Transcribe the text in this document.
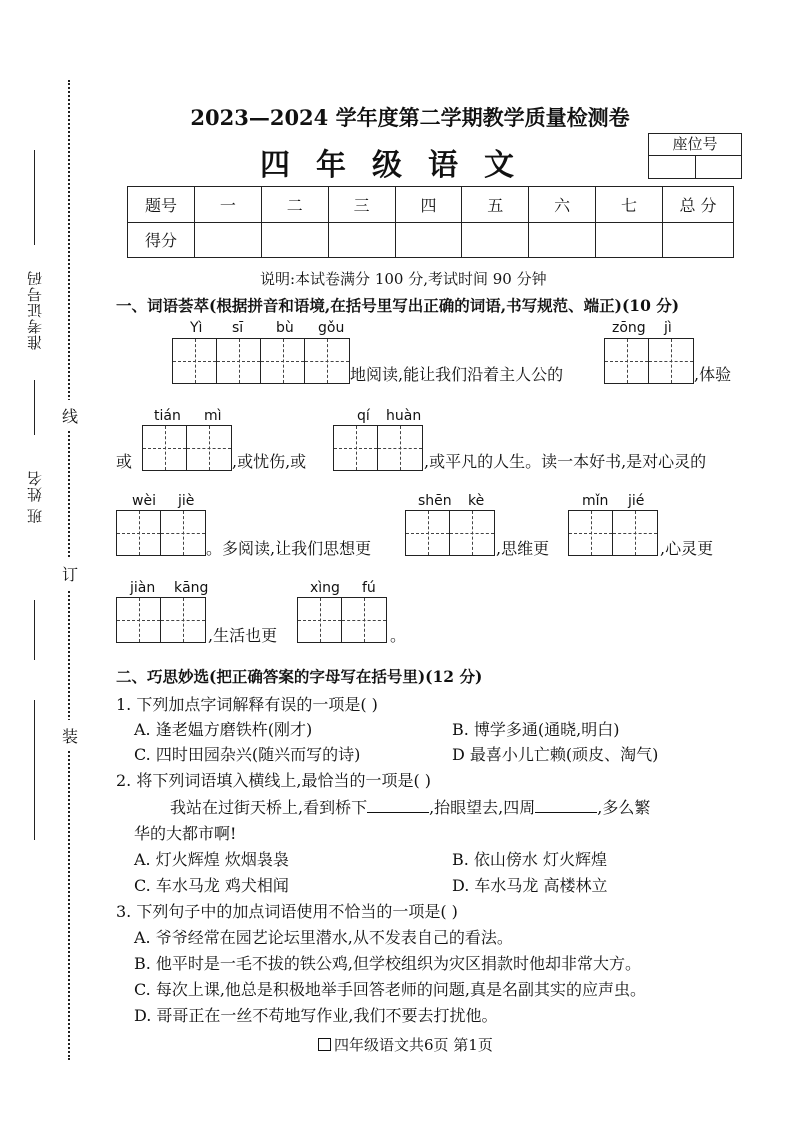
准考证号码
班 姓名
线
订
装
2023—2024 学年度第二学期教学质量检测卷
四年级语文
座位号
题号	一	二	三	四	五	六	七	总 分
得分								
说明:本试卷满分 100 分,考试时间 90 分钟
一、词语荟萃(根据拼音和语境,在括号里写出正确的词语,书写规范、端正)(10 分)
Yì sī bù gǒu
地阅读,能让我们沿着主人公的
zōng jì
,体验
或
tián mì
,或忧伤,或
qí huàn
,或平凡的人生。读一本好书,是对心灵的
wèi jiè
。多阅读,让我们思想更
shēn kè
,思维更
mǐn jié
,心灵更
jiàn kāng
,生活也更
xìng fú
。
二、巧思妙选(把正确答案的字母写在括号里)(12 分)
1. 下列加点字词解释有误的一项是( )
A. 逢老媪方磨铁杵(刚才)	B. 博学多通(通晓,明白)
C. 四时田园杂兴(随兴而写的诗)	D 最喜小儿亡赖(顽皮、淘气)
2. 将下列词语填入横线上,最恰当的一项是( )
我站在过街天桥上,看到桥下	,抬眼望去,四周	,多么繁
华的大都市啊!
A. 灯火辉煌 炊烟袅袅	B. 依山傍水 灯火辉煌
C. 车水马龙 鸡犬相闻	D. 车水马龙 高楼林立
3. 下列句子中的加点词语使用不恰当的一项是( )
A. 爷爷经常在园艺论坛里潜水,从不发表自己的看法。
B. 他平时是一毛不拔的铁公鸡,但学校组织为灾区捐款时他却非常大方。
C. 每次上课,他总是积极地举手回答老师的问题,真是名副其实的应声虫。
D. 哥哥正在一丝不苟地写作业,我们不要去打扰他。
四年级语文共6页 第1页
